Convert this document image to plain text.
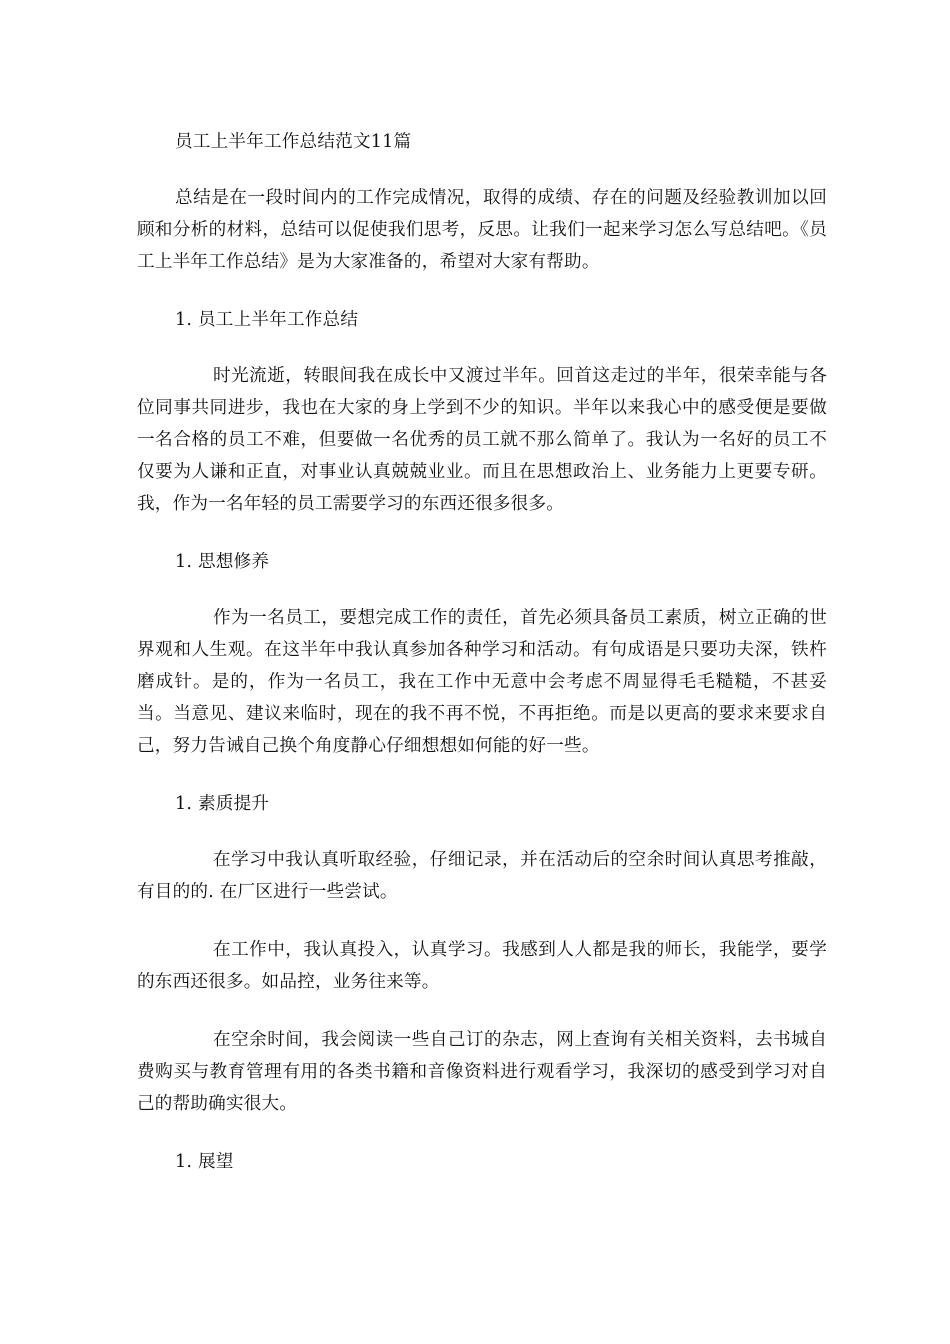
员工上半年工作总结范文11篇

总结是在一段时间内的工作完成情况，取得的成绩、存在的问题及经验教训加以回顾和分析的材料，总结可以促使我们思考，反思。让我们一起来学习怎么写总结吧。《员工上半年工作总结》是为大家准备的，希望对大家有帮助。

1. 员工上半年工作总结

时光流逝，转眼间我在成长中又渡过半年。回首这走过的半年，很荣幸能与各位同事共同进步，我也在大家的身上学到不少的知识。半年以来我心中的感受便是要做一名合格的员工不难，但要做一名优秀的员工就不那么简单了。我认为一名好的员工不仅要为人谦和正直，对事业认真兢兢业业。而且在思想政治上、业务能力上更要专研。我，作为一名年轻的员工需要学习的东西还很多很多。

1. 思想修养

作为一名员工，要想完成工作的责任，首先必须具备员工素质，树立正确的世界观和人生观。在这半年中我认真参加各种学习和活动。有句成语是只要功夫深，铁杵磨成针。是的，作为一名员工，我在工作中无意中会考虑不周显得毛毛糙糙，不甚妥当。当意见、建议来临时，现在的我不再不悦，不再拒绝。而是以更高的要求来要求自己，努力告诫自己换个角度静心仔细想想如何能的好一些。

1. 素质提升

在学习中我认真听取经验，仔细记录，并在活动后的空余时间认真思考推敲，有目的的. 在厂区进行一些尝试。

在工作中，我认真投入，认真学习。我感到人人都是我的师长，我能学，要学的东西还很多。如品控，业务往来等。

在空余时间，我会阅读一些自己订的杂志，网上查询有关相关资料，去书城自费购买与教育管理有用的各类书籍和音像资料进行观看学习，我深切的感受到学习对自己的帮助确实很大。

1. 展望
